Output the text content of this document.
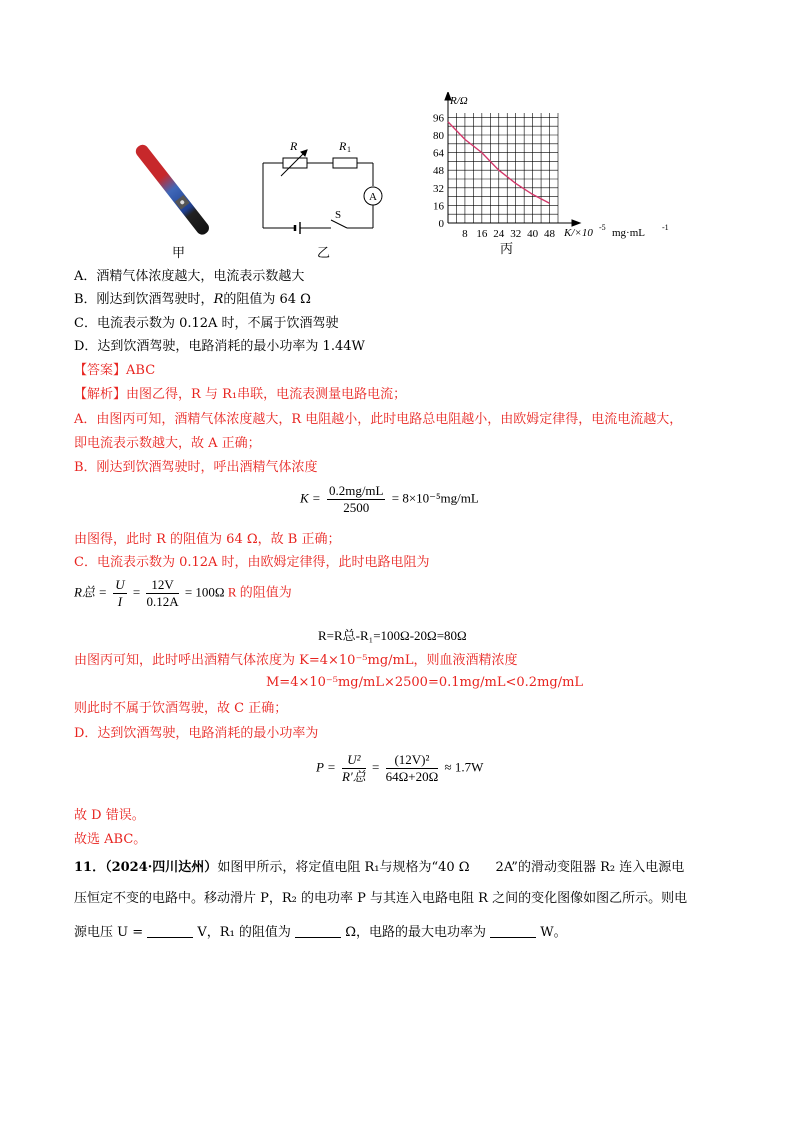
甲
R	R 1
A
S
乙
96
80
64
48
32
16
0
8 16 24 32 40 48
R/Ω
K/×10 -5 mg·mL -1
丙
A．酒精气体浓度越大，电流表示数越大
B．刚达到饮酒驾驶时，R的阻值为 64 Ω
C．电流表示数为 0.12A 时，不属于饮酒驾驶
D．达到饮酒驾驶，电路消耗的最小功率为 1.44W
【答案】ABC
【解析】由图乙得，R 与 R₁串联，电流表测量电路电流；
A．由图丙可知，酒精气体浓度越大，R 电阻越小，此时电路总电阻越小，由欧姆定律得，电流电流越大，
即电流表示数越大，故 A 正确；
B．刚达到饮酒驾驶时，呼出酒精气体浓度
$K = \frac{0.2mg/mL}{2500} = 8\times 10^{-5}mg/mL$
由图得，此时 R 的阻值为 64 Ω，故 B 正确；
C．电流表示数为 0.12A 时，由欧姆定律得，此时电路电阻为
R总 = $\frac{U}{I} = \frac{12V}{0.12A} = 100\Omega$ R 的阻值为
R=R总-R₁=100Ω-20Ω=80Ω
由图丙可知，此时呼出酒精气体浓度为 K=4×10⁻⁵mg/mL，则血液酒精浓度
M=4×10⁻⁵mg/mL×2500=0.1mg/mL<0.2mg/mL
则此时不属于饮酒驾驶，故 C 正确；
D．达到饮酒驾驶，电路消耗的最小功率为
$P = \frac{\text{U²}}{\text{R′总}} = \frac{\text{(12V)²}}{64\Omega+20\Omega} \approx 1.7W$
故 D 错误。
故选 ABC。
11．（2024·四川达州）如图甲所示，将定值电阻 R₁与规格为“40 Ω　　2A”的滑动变阻器 R₂ 连入电源电
压恒定不变的电路中。移动滑片 P，R₂ 的电功率 P 与其连入电路电阻 R 之间的变化图像如图乙所示。则电
源电压 U =	V，R₁ 的阻值为	Ω，电路的最大电功率为	W。
